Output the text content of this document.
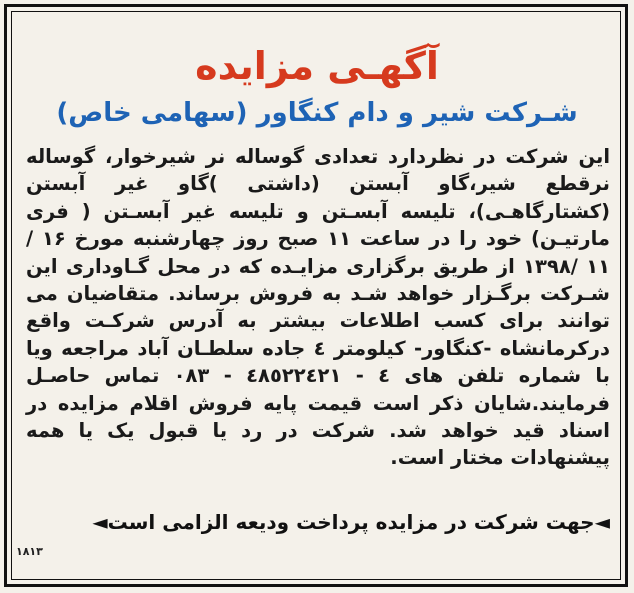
آگهـی مزایده
شـرکت شیر و دام کنگاور (سهامی خاص)

این شرکت در نظردارد تعدادی گوساله نر شیرخوار، گوساله نرقطع شیر،گاو آبستن (داشتی )گاو غیر آبستن (کشتارگاهـی)، تلیسه آبسـتن و تلیسه غیر آبسـتن ( فری مارتیـن) خود را در ساعت ۱۱ صبح روز چهارشنبه مورخ ۱۶ /۱۱ /۱۳۹۸ از طریق برگزاری مزایـده که در محل گـاوداری این شـرکت برگـزار خواهد شـد به فروش برساند. متقاضیان می توانند برای کسب اطلاعات بیشتر به آدرس شرکـت واقع درکرمانشاه -کنگاور- کیلومتر ٤ جاده سلطـان آباد مراجعه ویا با شماره تلفن های ٤ - ٤٨٥٢٢٤٢١ - ٠٨٣ تماس حاصـل فرمایند.شایان ذکر است قیمت پایه فروش اقلام مزایده در اسناد قید خواهد شد. شرکت در رد یا قبول یک یا همه پیشنهادات مختار است.

◄جهت شرکت در مزایده پرداخت ودیعه الزامی است◄
۱۸۱۳
